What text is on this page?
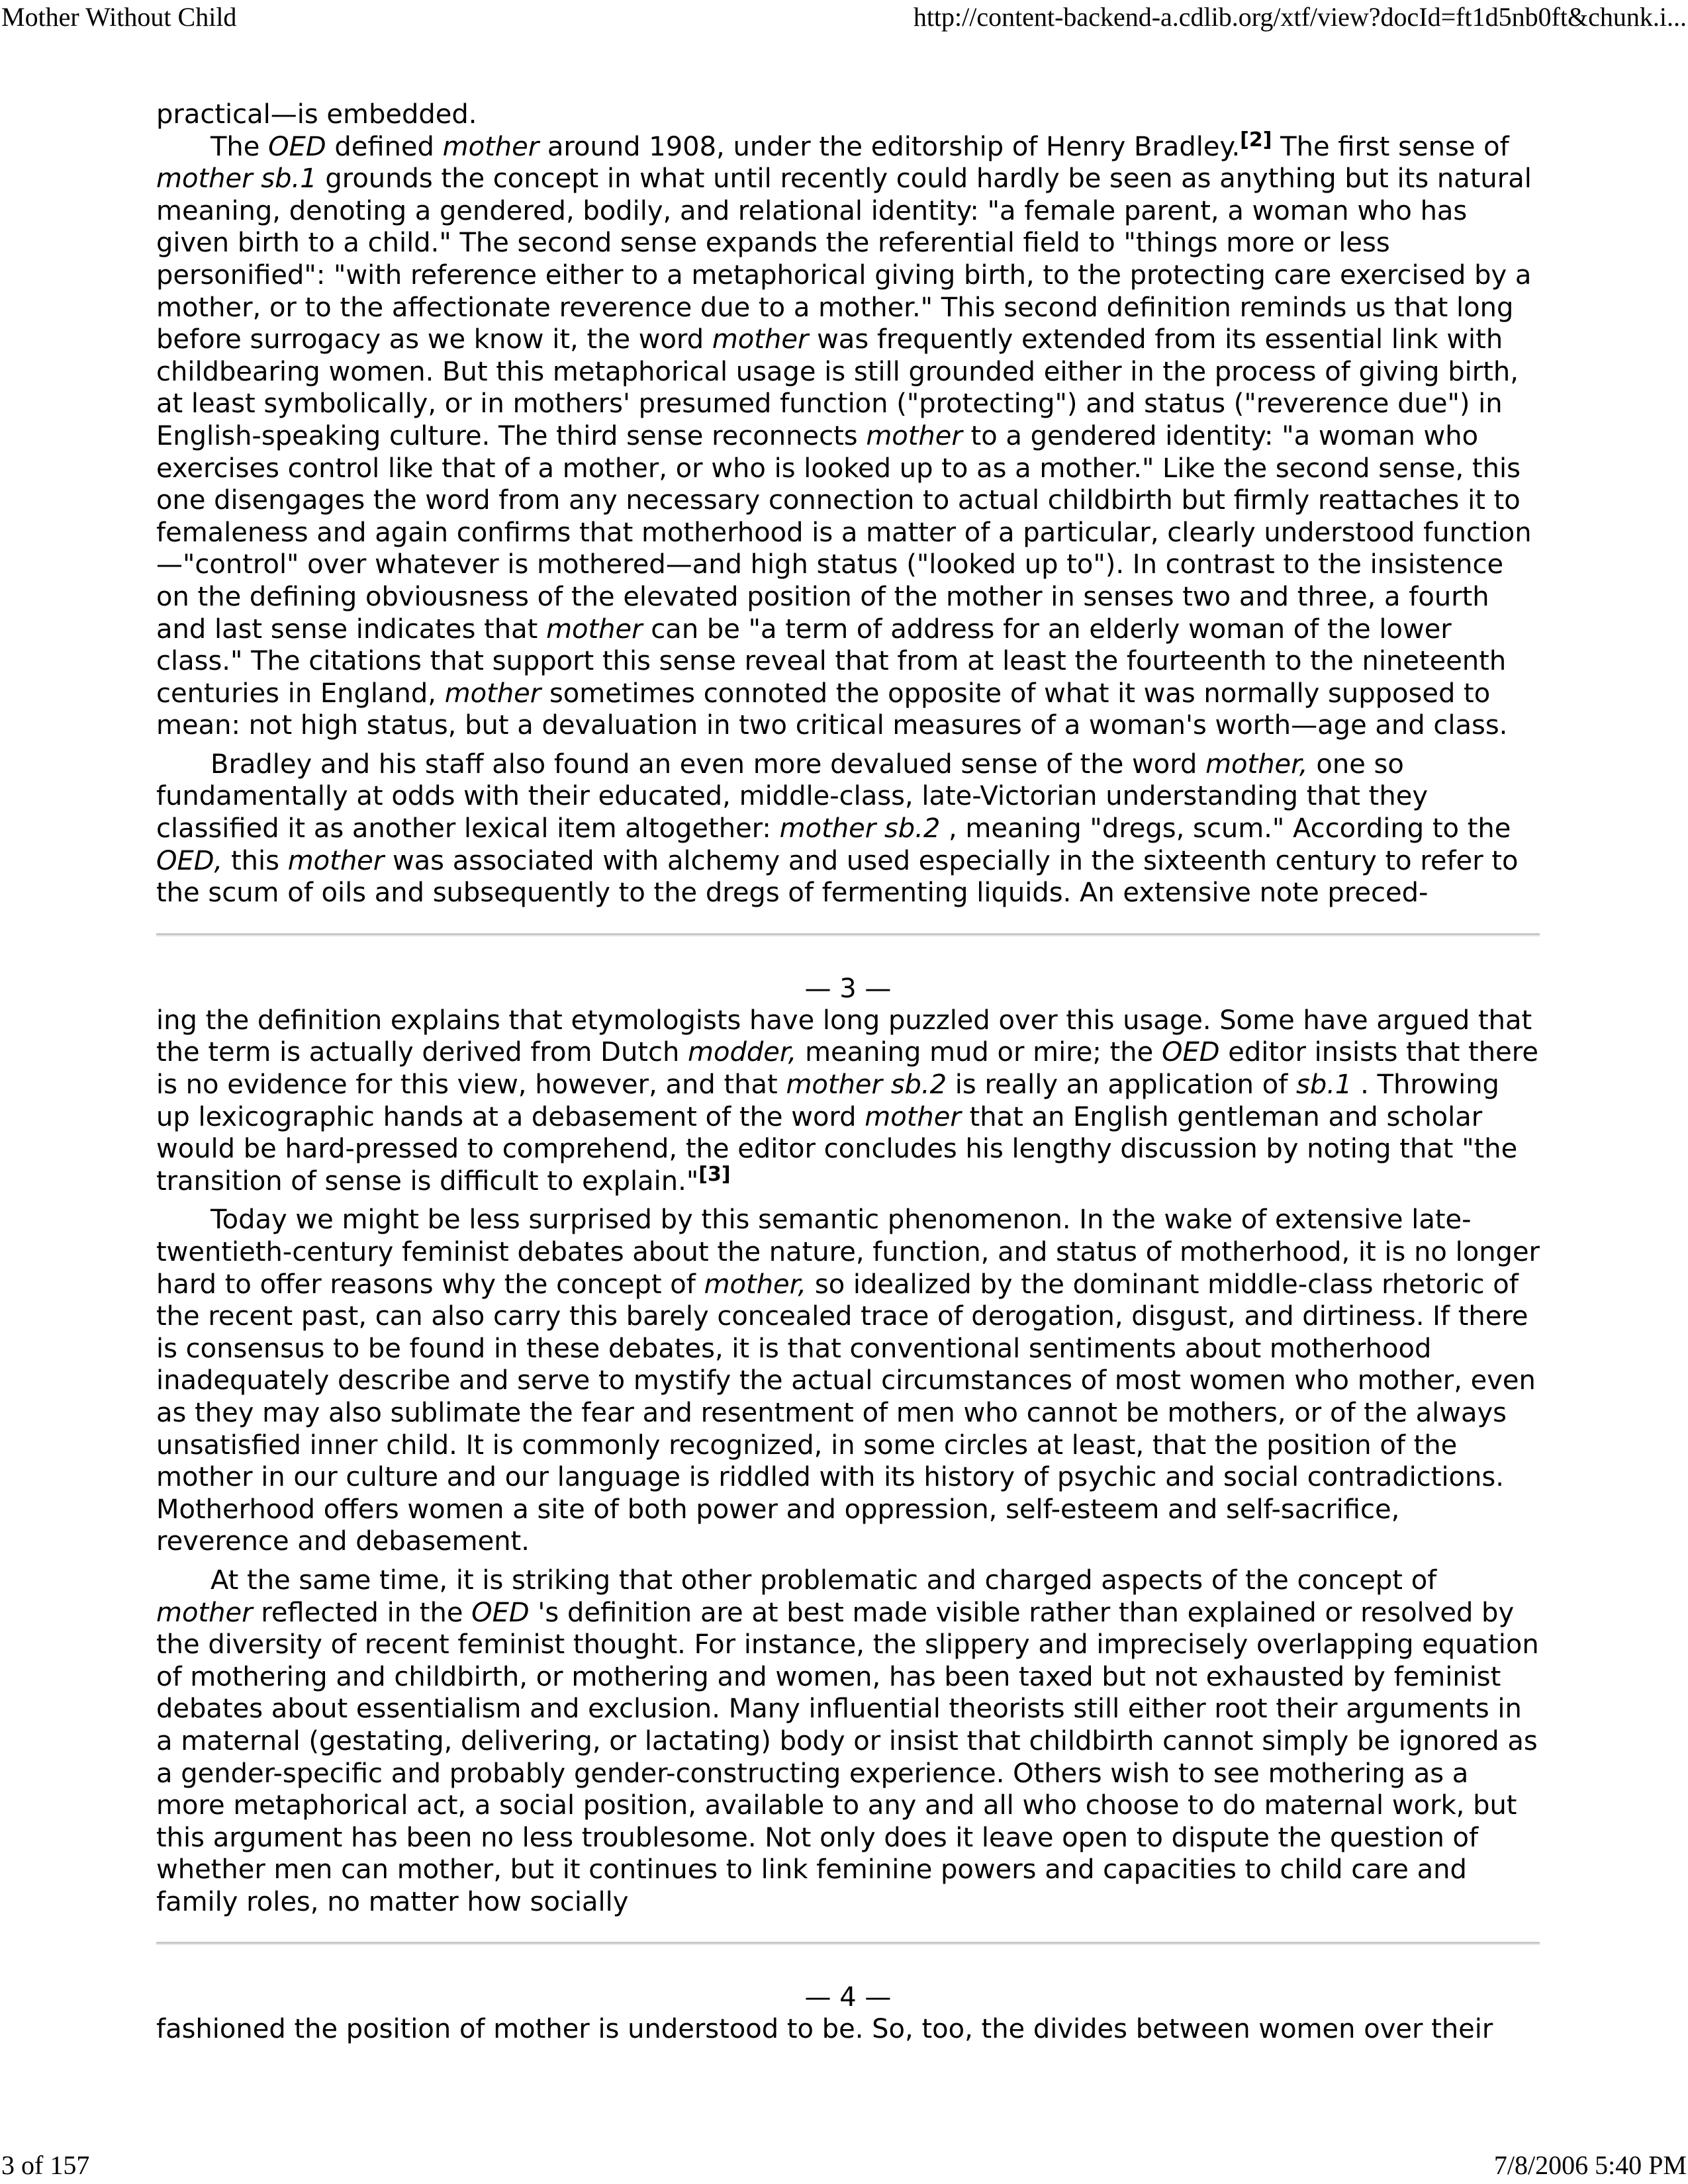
Mother Without Child	http://content-backend-a.cdlib.org/xtf/view?docId=ft1d5nb0ft&chunk.i...

practical—is embedded.

The OED defined mother around 1908, under the editorship of Henry Bradley.[2] The first sense of mother sb.1 grounds the concept in what until recently could hardly be seen as anything but its natural meaning, denoting a gendered, bodily, and relational identity: "a female parent, a woman who has given birth to a child." The second sense expands the referential field to "things more or less personified": "with reference either to a metaphorical giving birth, to the protecting care exercised by a mother, or to the affectionate reverence due to a mother." This second definition reminds us that long before surrogacy as we know it, the word mother was frequently extended from its essential link with childbearing women. But this metaphorical usage is still grounded either in the process of giving birth, at least symbolically, or in mothers' presumed function ("protecting") and status ("reverence due") in English-speaking culture. The third sense reconnects mother to a gendered identity: "a woman who exercises control like that of a mother, or who is looked up to as a mother." Like the second sense, this one disengages the word from any necessary connection to actual childbirth but firmly reattaches it to femaleness and again confirms that motherhood is a matter of a particular, clearly understood function—"control" over whatever is mothered—and high status ("looked up to"). In contrast to the insistence on the defining obviousness of the elevated position of the mother in senses two and three, a fourth and last sense indicates that mother can be "a term of address for an elderly woman of the lower class." The citations that support this sense reveal that from at least the fourteenth to the nineteenth centuries in England, mother sometimes connoted the opposite of what it was normally supposed to mean: not high status, but a devaluation in two critical measures of a woman's worth—age and class.

Bradley and his staff also found an even more devalued sense of the word mother, one so fundamentally at odds with their educated, middle-class, late-Victorian understanding that they classified it as another lexical item altogether: mother sb.2 , meaning "dregs, scum." According to the OED, this mother was associated with alchemy and used especially in the sixteenth century to refer to the scum of oils and subsequently to the dregs of fermenting liquids. An extensive note preced-

— 3 —

ing the definition explains that etymologists have long puzzled over this usage. Some have argued that the term is actually derived from Dutch modder, meaning mud or mire; the OED editor insists that there is no evidence for this view, however, and that mother sb.2 is really an application of sb.1 . Throwing up lexicographic hands at a debasement of the word mother that an English gentleman and scholar would be hard-pressed to comprehend, the editor concludes his lengthy discussion by noting that "the transition of sense is difficult to explain."[3]

Today we might be less surprised by this semantic phenomenon. In the wake of extensive late-twentieth-century feminist debates about the nature, function, and status of motherhood, it is no longer hard to offer reasons why the concept of mother, so idealized by the dominant middle-class rhetoric of the recent past, can also carry this barely concealed trace of derogation, disgust, and dirtiness. If there is consensus to be found in these debates, it is that conventional sentiments about motherhood inadequately describe and serve to mystify the actual circumstances of most women who mother, even as they may also sublimate the fear and resentment of men who cannot be mothers, or of the always unsatisfied inner child. It is commonly recognized, in some circles at least, that the position of the mother in our culture and our language is riddled with its history of psychic and social contradictions. Motherhood offers women a site of both power and oppression, self-esteem and self-sacrifice, reverence and debasement.

At the same time, it is striking that other problematic and charged aspects of the concept of mother reflected in the OED 's definition are at best made visible rather than explained or resolved by the diversity of recent feminist thought. For instance, the slippery and imprecisely overlapping equation of mothering and childbirth, or mothering and women, has been taxed but not exhausted by feminist debates about essentialism and exclusion. Many influential theorists still either root their arguments in a maternal (gestating, delivering, or lactating) body or insist that childbirth cannot simply be ignored as a gender-specific and probably gender-constructing experience. Others wish to see mothering as a more metaphorical act, a social position, available to any and all who choose to do maternal work, but this argument has been no less troublesome. Not only does it leave open to dispute the question of whether men can mother, but it continues to link feminine powers and capacities to child care and family roles, no matter how socially

— 4 —

fashioned the position of mother is understood to be. So, too, the divides between women over their

3 of 157	7/8/2006 5:40 PM
